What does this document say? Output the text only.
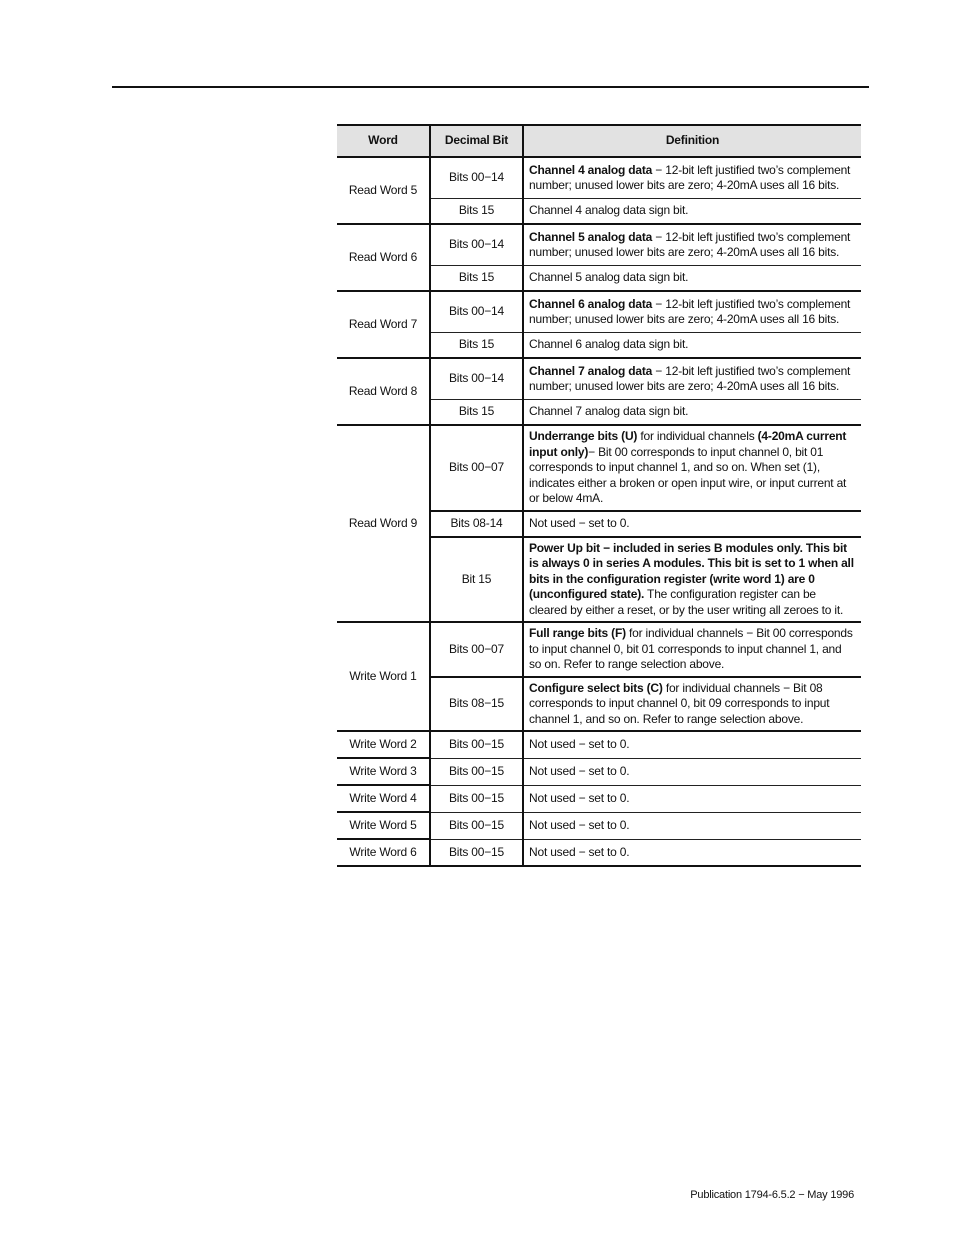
Word	Decimal Bit	Definition
Read Word 5	Bits 00−14	Channel 4 analog data − 12-bit left justified two’s complement number; unused lower bits are zero; 4-20mA uses all 16 bits.
	Bits 15	Channel 4 analog data sign bit.
Read Word 6	Bits 00−14	Channel 5 analog data − 12-bit left justified two’s complement number; unused lower bits are zero; 4-20mA uses all 16 bits.
	Bits 15	Channel 5 analog data sign bit.
Read Word 7	Bits 00−14	Channel 6 analog data − 12-bit left justified two’s complement number; unused lower bits are zero; 4-20mA uses all 16 bits.
	Bits 15	Channel 6 analog data sign bit.
Read Word 8	Bits 00−14	Channel 7 analog data − 12-bit left justified two’s complement number; unused lower bits are zero; 4-20mA uses all 16 bits.
	Bits 15	Channel 7 analog data sign bit.
Read Word 9	Bits 00−07	Underrange bits (U) for individual channels (4-20mA current input only)− Bit 00 corresponds to input channel 0, bit 01 corresponds to input channel 1, and so on. When set (1), indicates either a broken or open input wire, or input current at or below 4mA.
	Bits 08-14	Not used − set to 0.
	Bit 15	Power Up bit − included in series B modules only. This bit is always 0 in series A modules. This bit is set to 1 when all bits in the configuration register (write word 1) are 0 (unconfigured state). The configuration register can be cleared by either a reset, or by the user writing all zeroes to it.
Write Word 1	Bits 00−07	Full range bits (F) for individual channels − Bit 00 corresponds to input channel 0, bit 01 corresponds to input channel 1, and so on. Refer to range selection above.
	Bits 08−15	Configure select bits (C) for individual channels − Bit 08 corresponds to input channel 0, bit 09 corresponds to input channel 1, and so on. Refer to range selection above.
Write Word 2	Bits 00−15	Not used − set to 0.
Write Word 3	Bits 00−15	Not used − set to 0.
Write Word 4	Bits 00−15	Not used − set to 0.
Write Word 5	Bits 00−15	Not used − set to 0.
Write Word 6	Bits 00−15	Not used − set to 0.
Publication 1794-6.5.2 − May 1996
